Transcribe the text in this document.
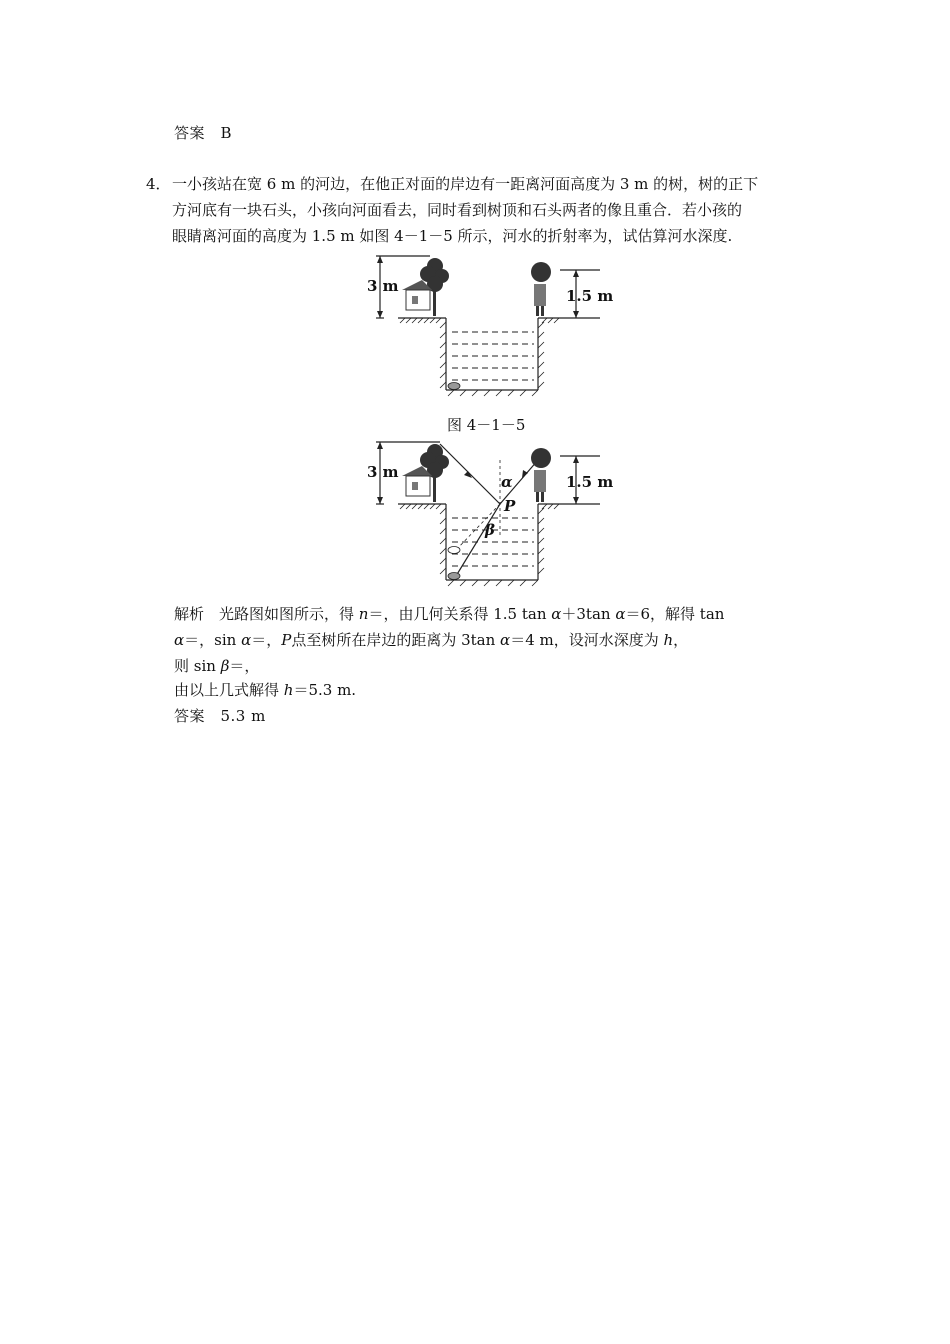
答案　B
4． 一小孩站在宽 6 m 的河边，在他正对面的岸边有一距离河面高度为 3 m 的树，树的正下
方河底有一块石头，小孩向河面看去，同时看到树顶和石头两者的像且重合．若小孩的
眼睛离河面的高度为 1.5 m 如图 4－1－5 所示，河水的折射率为，试估算河水深度.
3 m
1.5 m
图 4－1－5
3 m
1.5 m
α
P
β
解析　光路图如图所示，得 n＝，由几何关系得 1.5 tan α＋3tan α＝6，解得 tan
α＝，sin α＝，P点至树所在岸边的距离为 3tan α＝4 m，设河水深度为 h，
则 sin β＝，
由以上几式解得 h＝5.3 m.
答案　5.3 m
